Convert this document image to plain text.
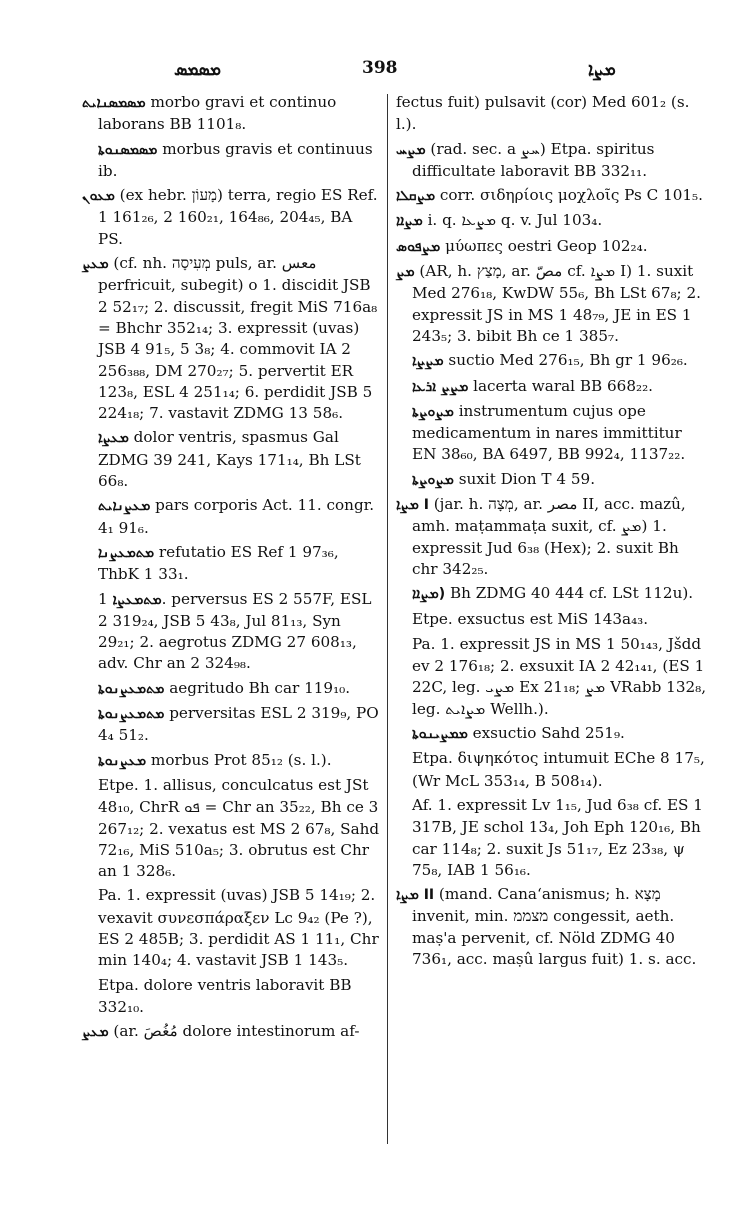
ܡܣܡܣ	398	ܡܨܐ

ܡܣܡܣܢܐܝܬ morbo gravi et continuo laborans BB 1101₈.

ܡܣܡܣܢܘܬܐ morbus gravis et continuus ib.

ܡܥܘܢ (ex hebr. מָעוֹן) terra, regio ES Ref. 1 161₂₆, 2 160₂₁, 164₈₆, 204₄₅, BA PS.

ܡܥܨ (cf. nh. מְעִיסָה puls, ar. معس perfricuit, subegit) o 1. discidit JSB 2 52₁₇; 2. discussit, fregit MiS 716a₈ = Bhchr 352₁₄; 3. expressit (uvas) JSB 4 91₅, 5 3₈; 4. commovit IA 2 256₃₈₈, DM 270₂₇; 5. pervertit ER 123₈, ESL 4 251₁₄; 6. perdidit JSB 5 224₁₈; 7. vastavit ZDMG 13 58₆.

ܡܥܨܐ dolor ventris, spasmus Gal ZDMG 39 241, Kays 171₁₄, Bh LSt 66₈.

ܡܥܨܢܐܝܬ pars corporis Act. 11. congr. 4₁ 91₆.

ܡܬܡܥܨܢܐ refutatio ES Ref 1 97₃₆, ThbK 1 33₁.

ܡܬܡܥܨܐ 1. perversus ES 2 557F, ESL 2 319₂₄, JSB 5 43₈, Jul 81₁₃, Syn 29₂₁; 2. aegrotus ZDMG 27 608₁₃, adv. Chr an 2 324₉₈.

ܡܬܡܥܨܢܘܬܐ aegritudo Bh car 119₁₀.

ܡܬܡܥܨܢܘܬܐ perversitas ESL 2 319₉, PO 4₄ 51₂.

ܡܥܨܢܘܬܐ morbus Prot 85₁₂ (s. l.).

Etpe. 1. allisus, conculcatus est JSt 48₁₀, ChrR ܦܘ = Chr an 35₂₂, Bh ce 3 267₁₂; 2. vexatus est MS 2 67₈, Sahd 72₁₆, MiS 510a₅; 3. obrutus est Chr an 1 328₆.

Pa. 1. expressit (uvas) JSB 5 14₁₉; 2. vexavit συνεσπάραξεν Lc 9₄₂ (Pe ?), ES 2 485B; 3. perdidit AS 1 11₁, Chr min 140₄; 4. vastavit JSB 1 143₅.

Etpa. dolore ventris laboravit BB 332₁₀.

ܡܥܨ (ar. مُغُصَ dolore intestinorum af-

fectus fuit) pulsavit (cor) Med 601₂ (s. l.).

ܡܨܚ (rad. sec. a ܚܨ) Etpa. spiritus difficultate laboravit BB 332₁₁.

ܡܨܩܠܐ corr. σιδηρίοις μοχλοῖς Ps C 101₅.

ܡܨܐܐ i. q. ܡܨܥܐ q. v. Jul 103₄.

ܡܨܦܘܣ μύωπες oestri Geop 102₂₄.

ܡܨ (AR, h. מָצַץ, ar. مصّ cf. ܡܨܐ I) 1. suxit Med 276₁₈, KwDW 55₆, Bh LSt 67₈; 2. expressit JS in MS 1 48₇₉, JE in ES 1 243₅; 3. bibit Bh ce 1 385₇.

ܡܨܨܐ suctio Med 276₁₅, Bh gr 1 96₂₆.

ܡܨܨ ܐܪܥܐ lacerta waral BB 668₂₂.

ܡܨܘܨܬܐ instrumentum cujus ope medicamentum in nares immittitur EN 38₆₀, BA 6497, BB 992₄, 1137₂₂.

ܡܨܘܨܬܐ suxit Dion T 4 59.

I ܡܨܐ (jar. h. מְצָה, ar. مصر II, acc. mazû, amh. maṭammaṭa suxit, cf. ܡܨ) 1. expressit Jud 6₃₈ (Hex); 2. suxit Bh chr 342₂₅.

(ܡܨܐܐ Bh ZDMG 40 444 cf. LSt 112u).

Etpe. exsuctus est MiS 143a₄₃.

Pa. 1. expressit JS in MS 1 50₁₄₃, Jšdd ev 2 176₁₈; 2. exsuxit IA 2 42₁₄₁, (ES 1 22C, leg. ܡܨܝ Ex 21₁₈; ܡܨ VRabb 132₈, leg. ܡܨܐܝܬ Wellh.).

ܡܡܨܝܢܘܬܐ exsuctio Sahd 251₉.

Etpa. διψηκότος intumuit EChe 8 17₅, (Wr McL 353₁₄, B 508₁₄).

Af. 1. expressit Lv 1₁₅, Jud 6₃₈ cf. ES 1 317B, JE schol 13₄, Joh Eph 120₁₆, Bh car 114₈; 2. suxit Js 51₁₇, Ez 23₃₈, ψ 75₈, IAB 1 56₁₆.

II ܡܨܐ (mand. Cana‘anismus; h. מָצָא invenit, min. מצממ congessit, aeth. maṣ'a pervenit, cf. Nöld ZDMG 40 736₁, acc. maṣû largus fuit) 1. s. acc.
